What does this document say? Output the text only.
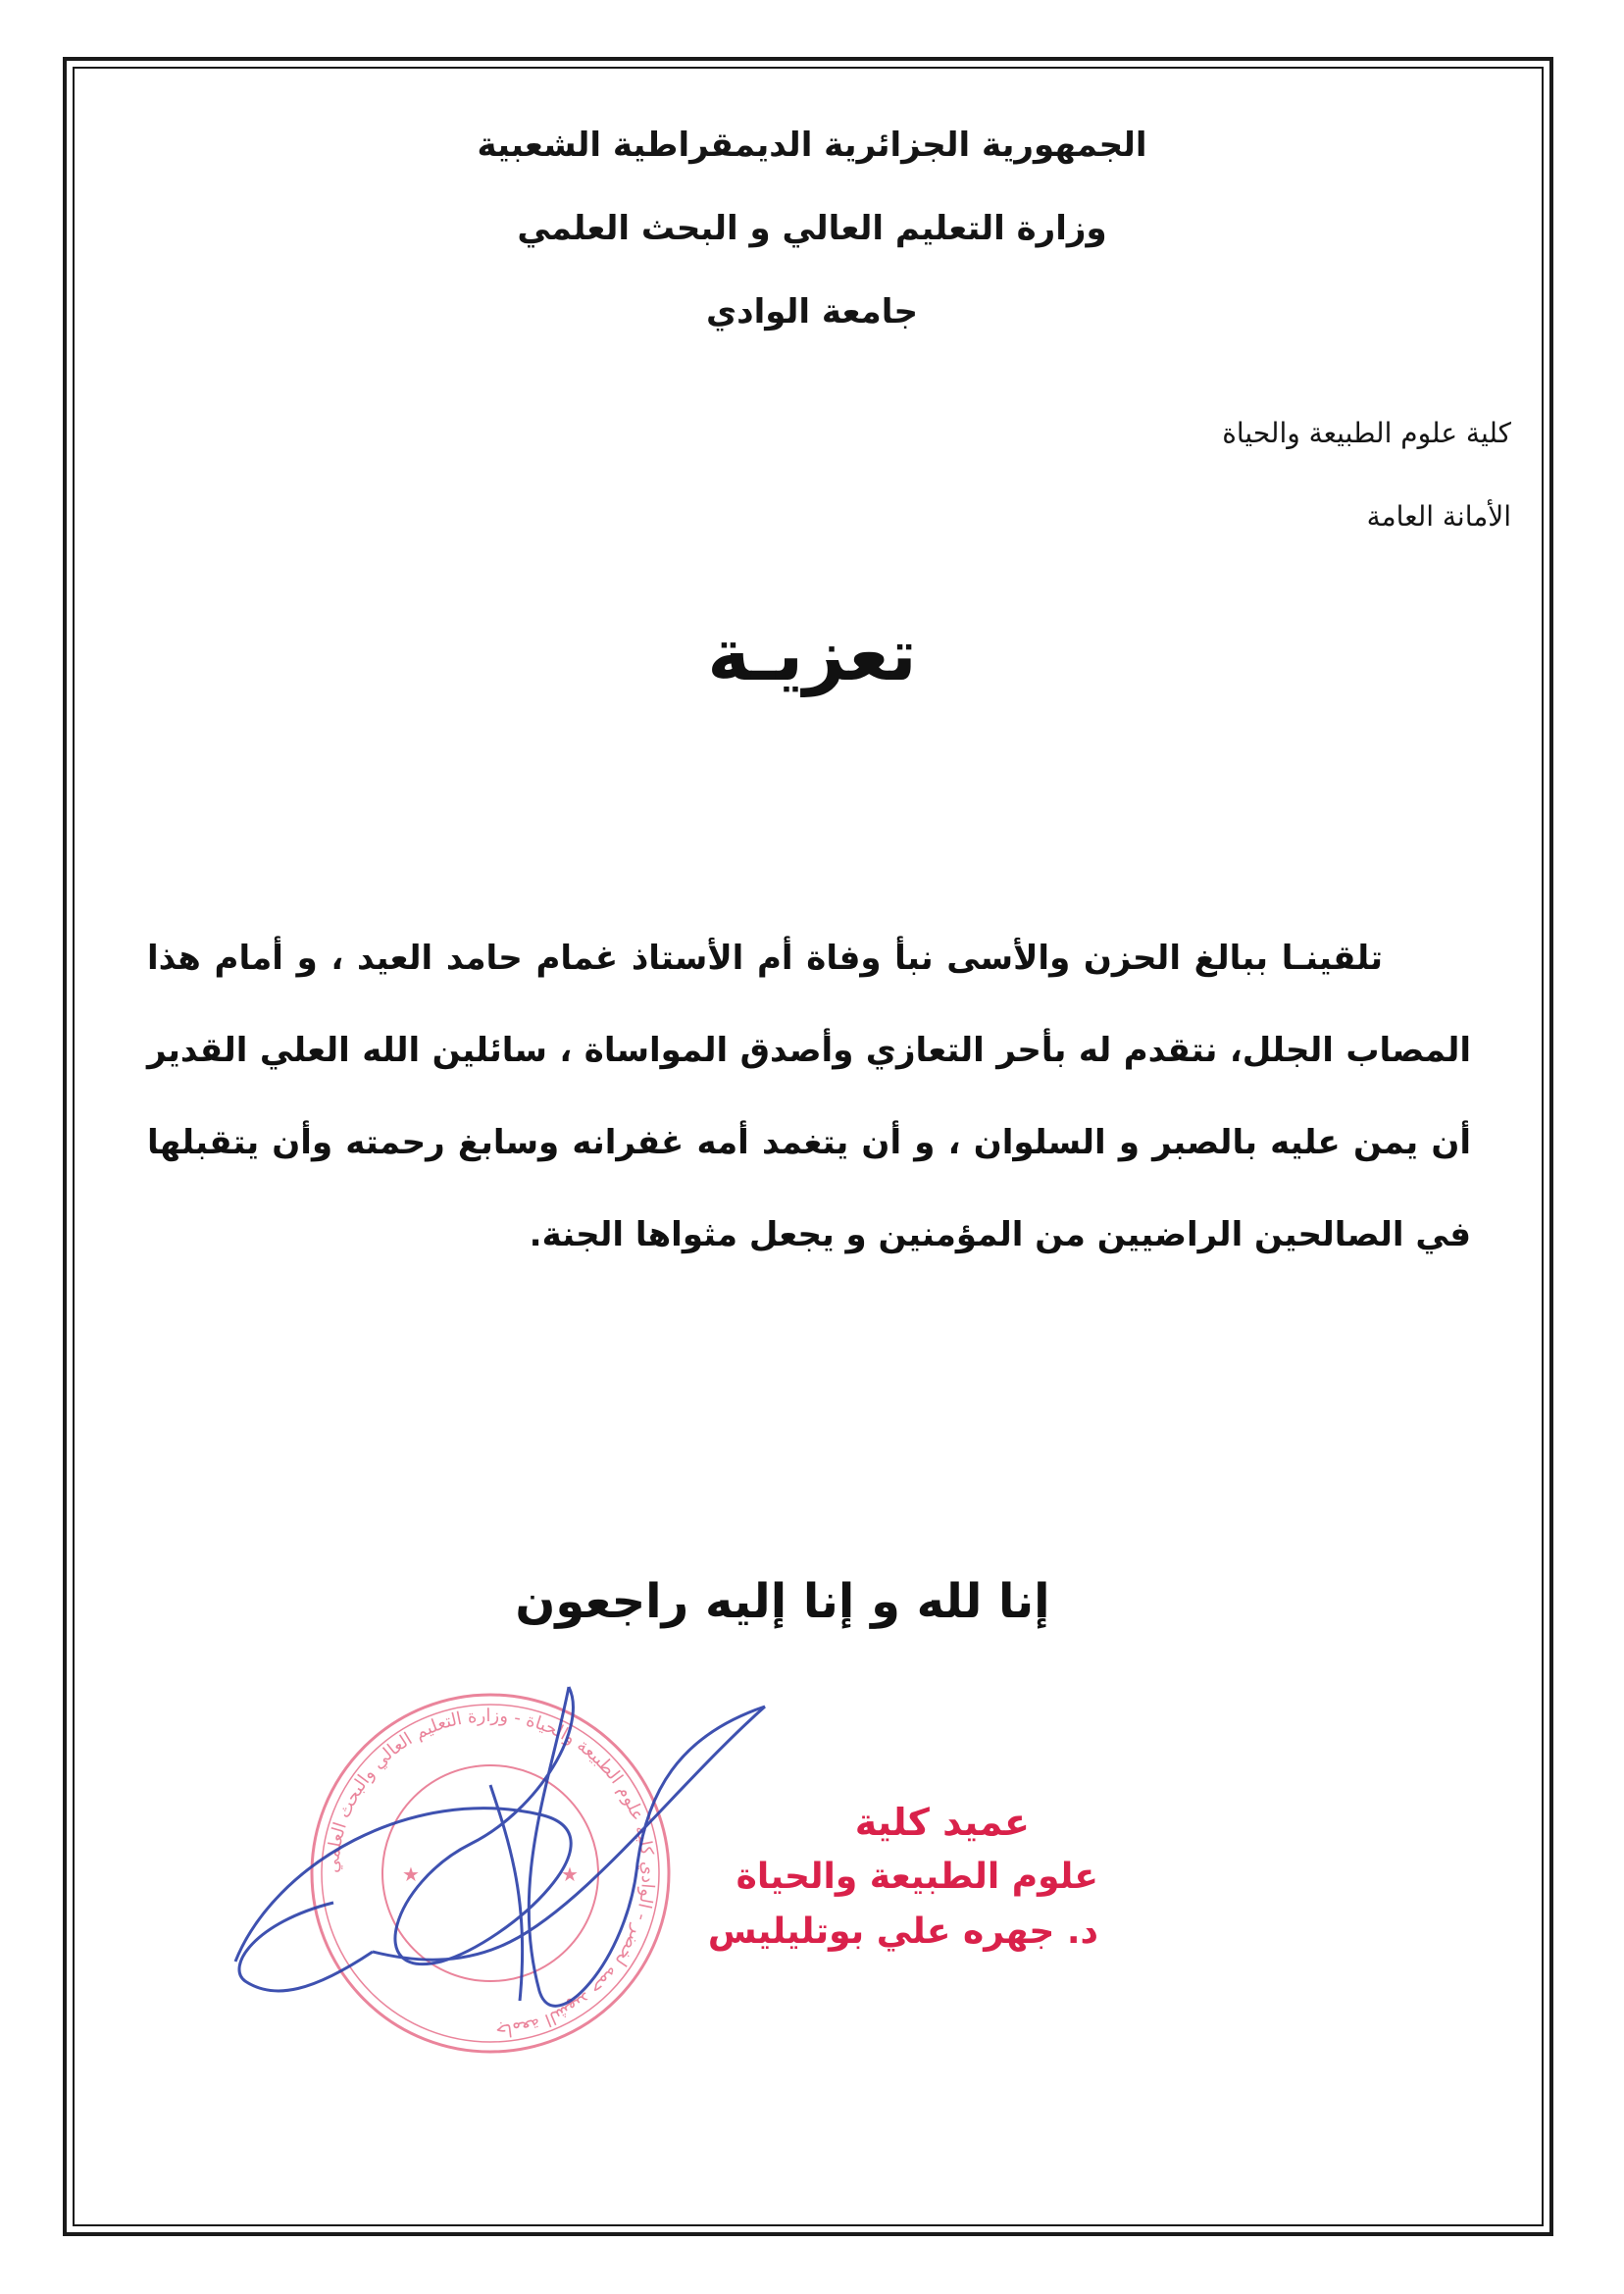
الجمهورية الجزائرية الديمقراطية الشعبية
وزارة التعليم العالي و البحث العلمي
جامعة الوادي
كلية علوم الطبيعة والحياة
الأمانة العامة
تعزيـة
تلقينـا ببالغ الحزن والأسى نبأ وفاة أم الأستاذ غمام حامد العيد ، و أمام هذا المصاب الجلل، نتقدم له بأحر التعازي وأصدق المواساة ، سائلين الله العلي القدير أن يمن عليه بالصبر و السلوان ، و أن يتغمد أمه غفرانه وسابغ رحمته وأن يتقبلها في الصالحين الراضيين من المؤمنين و يجعل مثواها الجنة.
إنا لله و إنا إليه راجعون
جامعة الشهيد حمه لخضر - الوادي كلية علوم الطبيعة والحياة - وزارة التعليم العالي والبحث العلمي
★	★
عميد كلية
علوم الطبيعة والحياة
د. جهره علي بوتليليس
